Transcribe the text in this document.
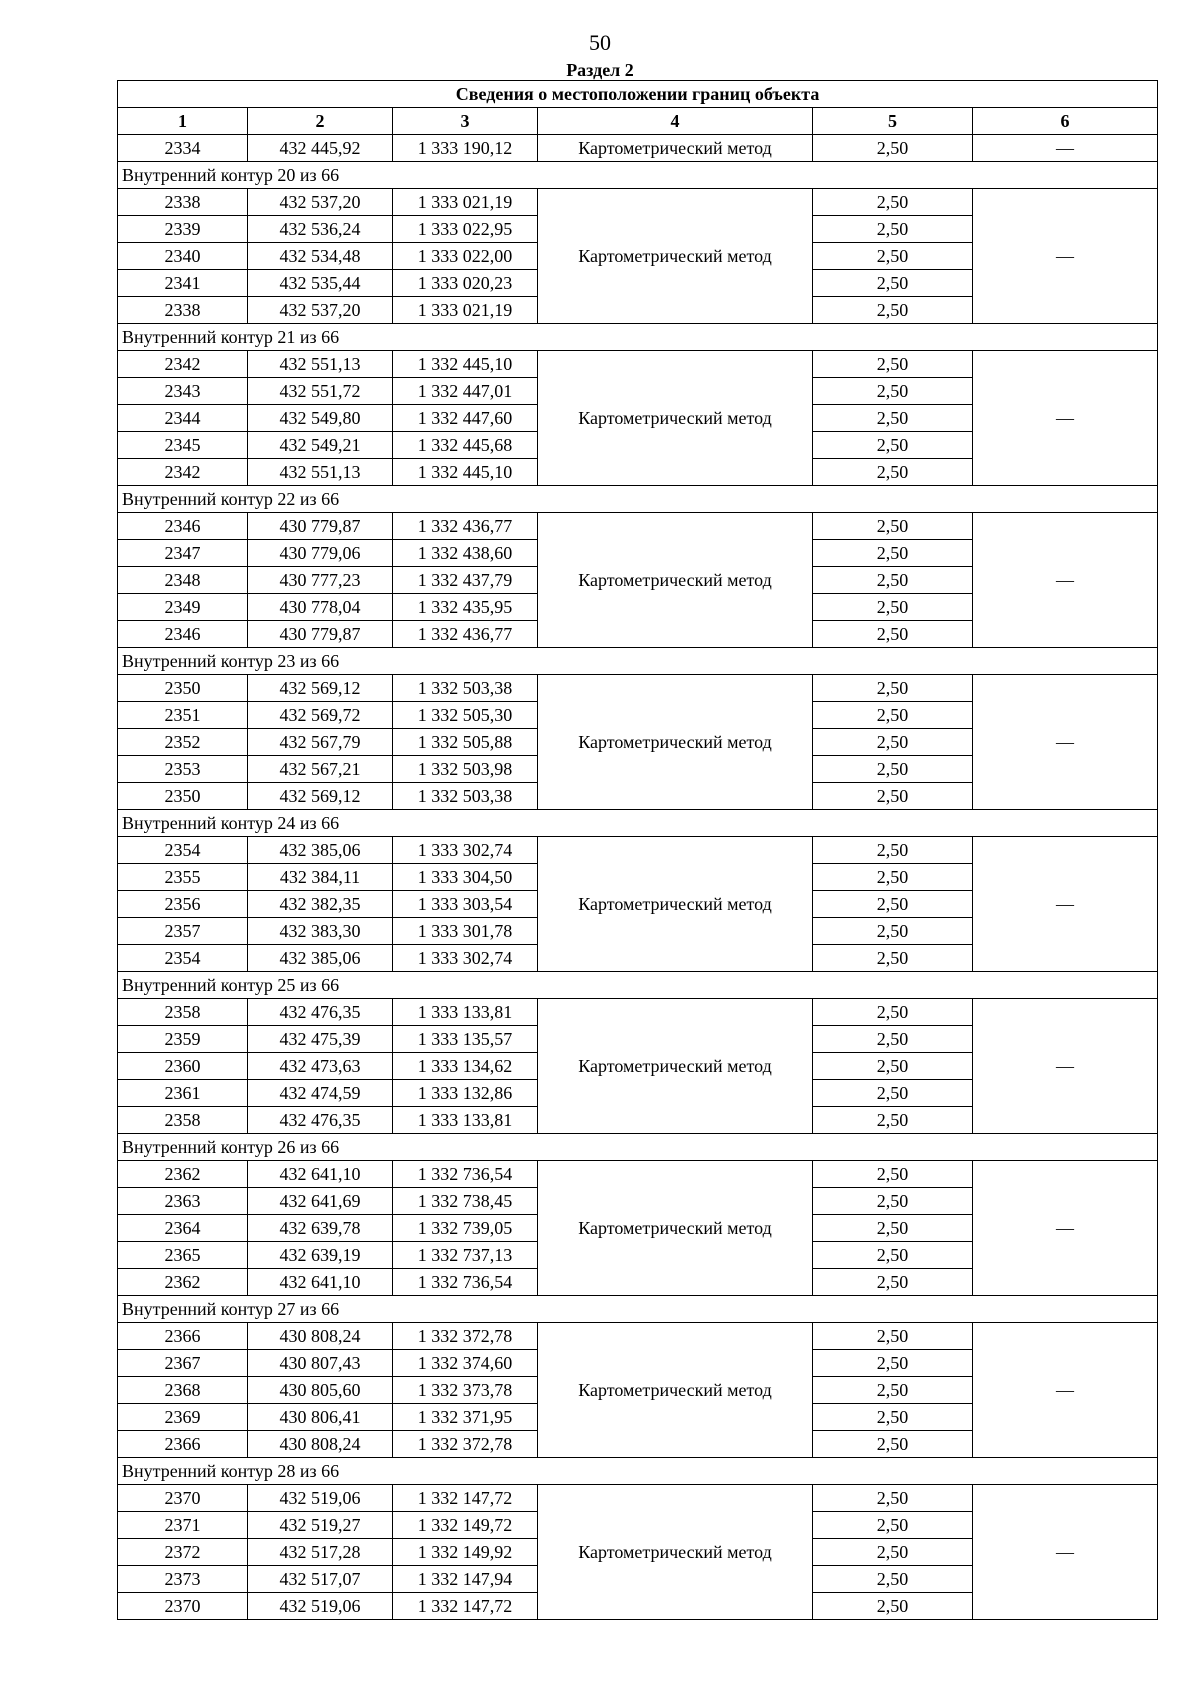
50
Раздел 2
Сведения о местоположении границ объекта					
1	2	3	4	5	6
2334	432 445,92	1 333 190,12	Картометрический метод	2,50	—
Внутренний контур 20 из 66					
2338	432 537,20	1 333 021,19	Картометрический метод	2,50	—
2339	432 536,24	1 333 022,95		2,50	
2340	432 534,48	1 333 022,00		2,50	
2341	432 535,44	1 333 020,23		2,50	
2338	432 537,20	1 333 021,19		2,50	
Внутренний контур 21 из 66					
2342	432 551,13	1 332 445,10	Картометрический метод	2,50	—
2343	432 551,72	1 332 447,01		2,50	
2344	432 549,80	1 332 447,60		2,50	
2345	432 549,21	1 332 445,68		2,50	
2342	432 551,13	1 332 445,10		2,50	
Внутренний контур 22 из 66					
2346	430 779,87	1 332 436,77	Картометрический метод	2,50	—
2347	430 779,06	1 332 438,60		2,50	
2348	430 777,23	1 332 437,79		2,50	
2349	430 778,04	1 332 435,95		2,50	
2346	430 779,87	1 332 436,77		2,50	
Внутренний контур 23 из 66					
2350	432 569,12	1 332 503,38	Картометрический метод	2,50	—
2351	432 569,72	1 332 505,30		2,50	
2352	432 567,79	1 332 505,88		2,50	
2353	432 567,21	1 332 503,98		2,50	
2350	432 569,12	1 332 503,38		2,50	
Внутренний контур 24 из 66					
2354	432 385,06	1 333 302,74	Картометрический метод	2,50	—
2355	432 384,11	1 333 304,50		2,50	
2356	432 382,35	1 333 303,54		2,50	
2357	432 383,30	1 333 301,78		2,50	
2354	432 385,06	1 333 302,74		2,50	
Внутренний контур 25 из 66					
2358	432 476,35	1 333 133,81	Картометрический метод	2,50	—
2359	432 475,39	1 333 135,57		2,50	
2360	432 473,63	1 333 134,62		2,50	
2361	432 474,59	1 333 132,86		2,50	
2358	432 476,35	1 333 133,81		2,50	
Внутренний контур 26 из 66					
2362	432 641,10	1 332 736,54	Картометрический метод	2,50	—
2363	432 641,69	1 332 738,45		2,50	
2364	432 639,78	1 332 739,05		2,50	
2365	432 639,19	1 332 737,13		2,50	
2362	432 641,10	1 332 736,54		2,50	
Внутренний контур 27 из 66					
2366	430 808,24	1 332 372,78	Картометрический метод	2,50	—
2367	430 807,43	1 332 374,60		2,50	
2368	430 805,60	1 332 373,78		2,50	
2369	430 806,41	1 332 371,95		2,50	
2366	430 808,24	1 332 372,78		2,50	
Внутренний контур 28 из 66					
2370	432 519,06	1 332 147,72	Картометрический метод	2,50	—
2371	432 519,27	1 332 149,72		2,50	
2372	432 517,28	1 332 149,92		2,50	
2373	432 517,07	1 332 147,94		2,50	
2370	432 519,06	1 332 147,72		2,50	
